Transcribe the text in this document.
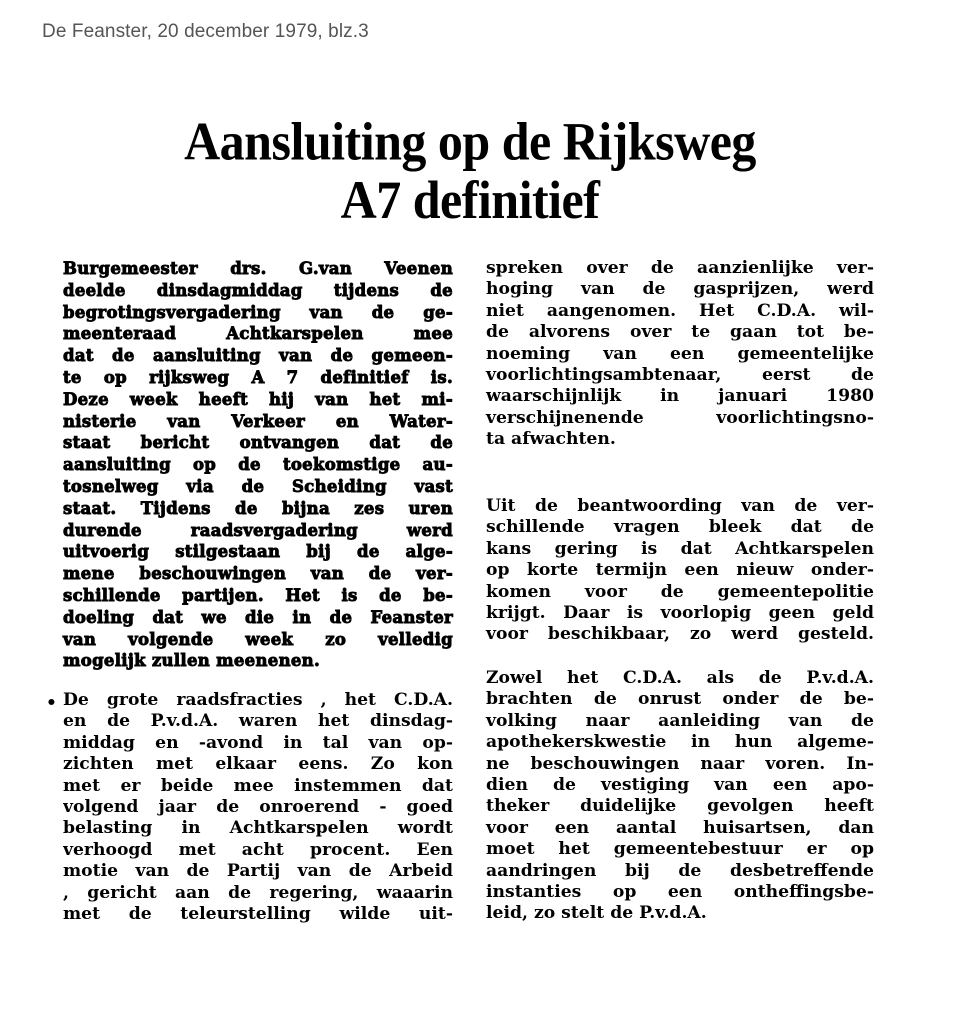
De Feanster, 20 december 1979, blz.3
Aansluiting op de Rijksweg
A7 definitief
Burgemeester drs. G.van Veenen
deelde dinsdagmiddag tijdens de
begrotingsvergadering van de ge-
meenteraad Achtkarspelen mee
dat de aansluiting van de gemeen-
te op rijksweg A 7 definitief is.
Deze week heeft hij van het mi-
nisterie van Verkeer en Water-
staat bericht ontvangen dat de
aansluiting op de toekomstige au-
tosnelweg via de Scheiding vast
staat. Tijdens de bijna zes uren
durende raadsvergadering werd
uitvoerig stilgestaan bij de alge-
mene beschouwingen van de ver-
schillende partijen. Het is de be-
doeling dat we die in de Feanster
van volgende week zo velledig
mogelijk zullen meenenen.
De grote raadsfracties , het C.D.A.
en de P.v.d.A. waren het dinsdag-
middag en -avond in tal van op-
zichten met elkaar eens. Zo kon
met er beide mee instemmen dat
volgend jaar de onroerend - goed
belasting in Achtkarspelen wordt
verhoogd met acht procent. Een
motie van de Partij van de Arbeid
, gericht aan de regering, waaarin
met de teleurstelling wilde uit-
•
spreken over de aanzienlijke ver-
hoging van de gasprijzen, werd
niet aangenomen. Het C.D.A. wil-
de alvorens over te gaan tot be-
noeming van een gemeentelijke
voorlichtingsambtenaar, eerst de
waarschijnlijk in januari 1980
verschijnenende voorlichtingsno-
ta afwachten.
Uit de beantwoording van de ver-
schillende vragen bleek dat de
kans gering is dat Achtkarspelen
op korte termijn een nieuw onder-
komen voor de gemeentepolitie
krijgt. Daar is voorlopig geen geld
voor beschikbaar, zo werd gesteld.
Zowel het C.D.A. als de P.v.d.A.
brachten de onrust onder de be-
volking naar aanleiding van de
apothekerskwestie in hun algeme-
ne beschouwingen naar voren. In-
dien de vestiging van een apo-
theker duidelijke gevolgen heeft
voor een aantal huisartsen, dan
moet het gemeentebestuur er op
aandringen bij de desbetreffende
instanties op een ontheffingsbe-
leid, zo stelt de P.v.d.A.
